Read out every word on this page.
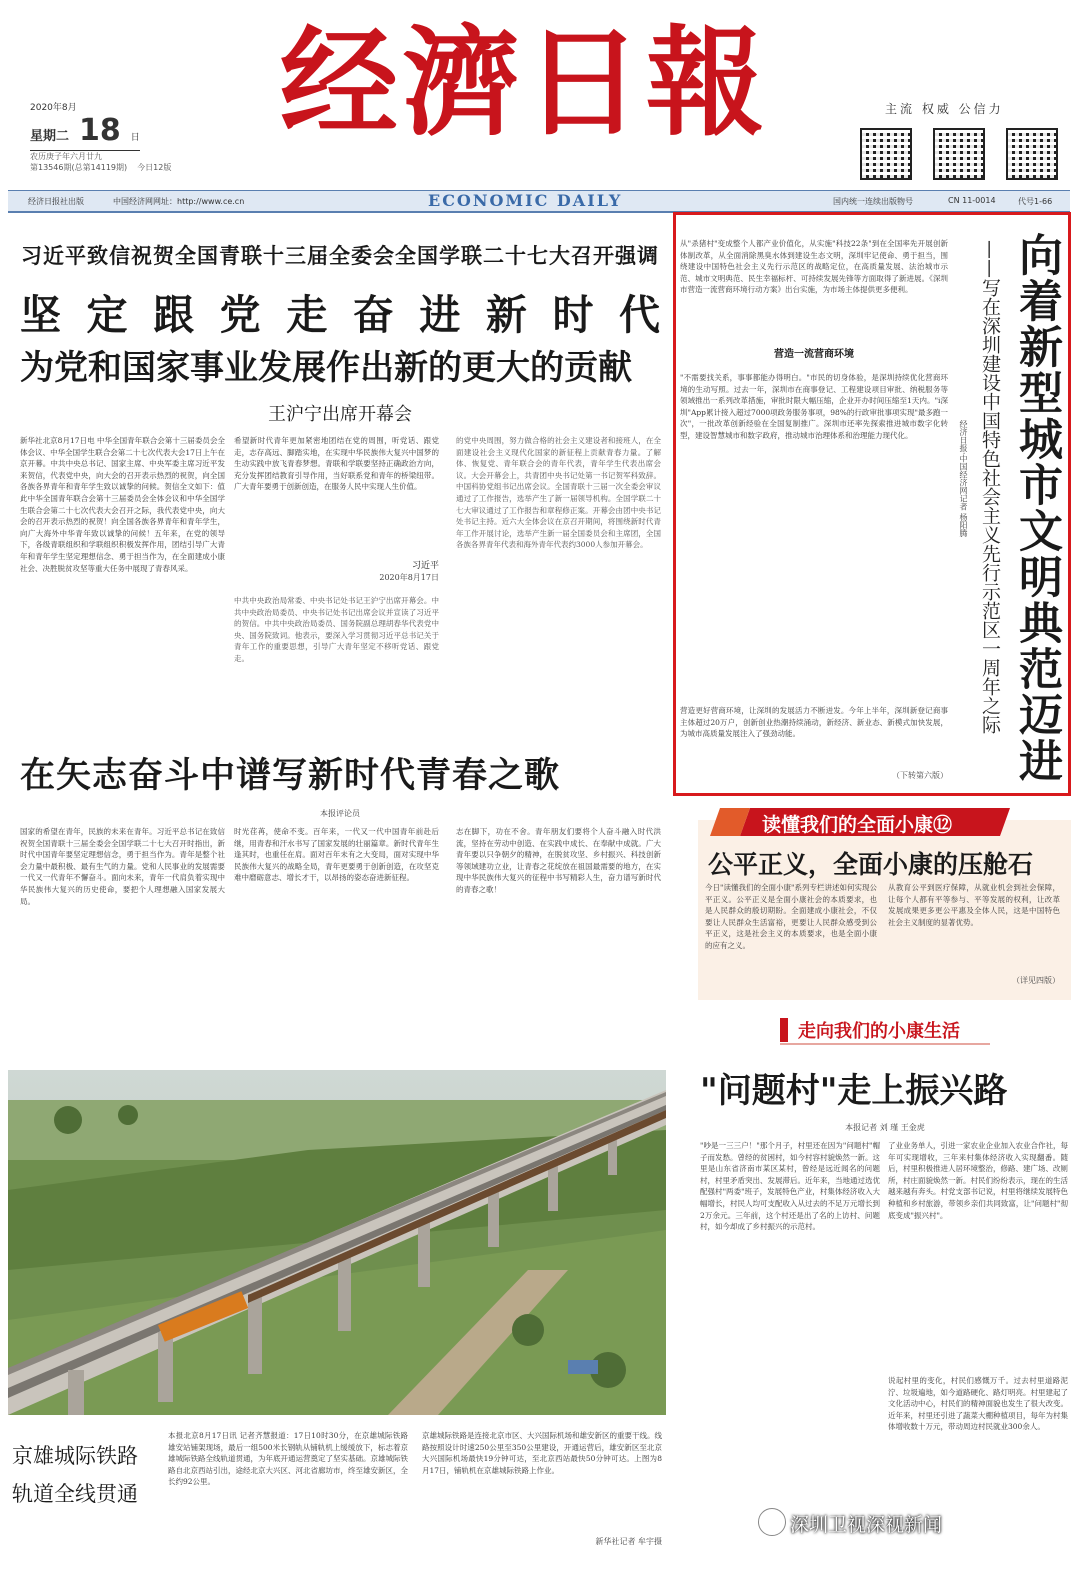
经濟日報
2020年8月
星期二 18 日
农历庚子年六月廿九
第13546期(总第14119期) 今日12版
主流 权威 公信力
经济日报社出版	中国经济网网址：http://www.ce.cn	ECONOMIC DAILY	国内统一连续出版物号	CN 11-0014	代号1-66
习近平致信祝贺全国青联十三届全委会全国学联二十七大召开强调
坚 定 跟 党 走 奋 进 新 时 代
为党和国家事业发展作出新的更大的贡献
王沪宁出席开幕会
新华社北京8月17日电 中华全国青年联合会第十三届委员会全体会议、中华全国学生联合会第二十七次代表大会17日上午在京开幕。中共中央总书记、国家主席、中央军委主席习近平发来贺信，代表党中央，向大会的召开表示热烈的祝贺，向全国各族各界青年和青年学生致以诚挚的问候。贺信全文如下：值此中华全国青年联合会第十三届委员会全体会议和中华全国学生联合会第二十七次代表大会召开之际，我代表党中央，向大会的召开表示热烈的祝贺！向全国各族各界青年和青年学生，向广大海外中华青年致以诚挚的问候！五年来，在党的领导下，各级青联组织和学联组织积极发挥作用，团结引导广大青年和青年学生坚定理想信念、勇于担当作为，在全面建成小康社会、决胜脱贫攻坚等重大任务中展现了青春风采。
希望新时代青年更加紧密地团结在党的周围，听党话、跟党走，志存高远、脚踏实地，在实现中华民族伟大复兴中国梦的生动实践中放飞青春梦想。青联和学联要坚持正确政治方向，充分发挥团结教育引导作用，当好联系党和青年的桥梁纽带。广大青年要勇于创新创造，在服务人民中实现人生价值。
习近平
2020年8月17日
中共中央政治局常委、中央书记处书记王沪宁出席开幕会。中共中央政治局委员、中央书记处书记出席会议并宣读了习近平的贺信。中共中央政治局委员、国务院副总理胡春华代表党中央、国务院致词。他表示，要深入学习贯彻习近平总书记关于青年工作的重要思想，引导广大青年坚定不移听党话、跟党走。
的党中央周围，努力做合格的社会主义建设者和接班人，在全面建设社会主义现代化国家的新征程上贡献青春力量。了解体、恢复党、青年联合会的青年代表，青年学生代表出席会议。大会开幕会上，共青团中央书记处第一书记贺军科致辞。中国科协党组书记出席会议。全国青联十三届一次全委会审议通过了工作报告，选举产生了新一届领导机构。全国学联二十七大审议通过了工作报告和章程修正案。开幕会由团中央书记处书记主持。近六大全体会议在京召开期间，将围绕新时代青年工作开展讨论，选举产生新一届全国委员会和主席团，全国各族各界青年代表和海外青年代表约3000人参加开幕会。
在矢志奋斗中谱写新时代青春之歌
本报评论员
国家的希望在青年，民族的未来在青年。习近平总书记在致信祝贺全国青联十三届全委会全国学联二十七大召开时指出，新时代中国青年要坚定理想信念，勇于担当作为。青年是整个社会力量中最积极、最有生气的力量。党和人民事业的发展需要一代又一代青年不懈奋斗。面向未来，青年一代肩负着实现中华民族伟大复兴的历史使命，要把个人理想融入国家发展大局。
时光荏苒，使命不变。百年来，一代又一代中国青年前赴后继，用青春和汗水书写了国家发展的壮丽篇章。新时代青年生逢其时，也重任在肩。面对百年未有之大变局，面对实现中华民族伟大复兴的战略全局，青年更要勇于创新创造，在攻坚克难中磨砺意志、增长才干，以昂扬的姿态奋进新征程。
志在脚下，功在不舍。青年朋友们要将个人奋斗融入时代洪流，坚持在劳动中创造、在实践中成长、在奉献中成就。广大青年要以只争朝夕的精神，在脱贫攻坚、乡村振兴、科技创新等领域建功立业，让青春之花绽放在祖国最需要的地方，在实现中华民族伟大复兴的征程中书写精彩人生，奋力谱写新时代的青春之歌！
京雄城际铁路
轨道全线贯通
本报北京8月17日讯 记者齐慧报道：17日10时30分，在京雄城际铁路雄安站铺架现场，最后一组500米长钢轨从铺轨机上缓缓放下，标志着京雄城际铁路全线轨道贯通，为年底开通运营奠定了坚实基础。京雄城际铁路自北京西站引出，途经北京大兴区、河北省廊坊市，终至雄安新区，全长约92公里。
京雄城际铁路是连接北京市区、大兴国际机场和雄安新区的重要干线。线路按照设计时速250公里至350公里建设，开通运营后，雄安新区至北京大兴国际机场最快19分钟可达，至北京西站最快50分钟可达。上图为8月17日，铺轨机在京雄城际铁路上作业。
新华社记者 牟宇摄
向着新型城市文明典范迈进
——写在深圳建设中国特色社会主义先行示范区一周年之际
经济日报·中国经济网记者 杨阳腾
从"杀猪村"变成整个人都产业价值化，从实施"科技22条"到在全国率先开展创新体制改革，从全面消除黑臭水体到建设生态文明，深圳牢记使命、勇于担当，围绕建设中国特色社会主义先行示范区的战略定位，在高质量发展、法治城市示范、城市文明典范、民生幸福标杆、可持续发展先锋等方面取得了新进展。《深圳市营造一流营商环境行动方案》出台实施，为市场主体提供更多便利。
营造一流营商环境
"不需要找关系，事事都能办得明白。"市民的切身体验，是深圳持续优化营商环境的生动写照。过去一年，深圳市在商事登记、工程建设项目审批、纳税服务等领域推出一系列改革措施，审批时限大幅压缩，企业开办时间压缩至1天内。"i深圳"App累计接入超过7000项政务服务事项，98%的行政审批事项实现"最多跑一次"，一批改革创新经验在全国复制推广。深圳市还率先探索推进城市数字化转型，建设智慧城市和数字政府，推动城市治理体系和治理能力现代化。
营造更好营商环境，让深圳的发展活力不断迸发。今年上半年，深圳新登记商事主体超过20万户，创新创业热潮持续涌动，新经济、新业态、新模式加快发展，为城市高质量发展注入了强劲动能。
（下转第六版）
读懂我们的全面小康⑫
公平正义，全面小康的压舱石
今日"读懂我们的全面小康"系列专栏讲述如何实现公平正义。公平正义是全面小康社会的本质要求，也是人民群众的殷切期盼。全面建成小康社会，不仅要让人民群众生活富裕，更要让人民群众感受到公平正义，这是社会主义的本质要求，也是全面小康的应有之义。
从教育公平到医疗保障，从就业机会到社会保障，让每个人都有平等参与、平等发展的权利，让改革发展成果更多更公平惠及全体人民，这是中国特色社会主义制度的显著优势。
（详见四版）
走向我们的小康生活
"问题村"走上振兴路
本报记者 刘 瑾 王金虎
"吵是一三三户！"那个月子，村里还在因为"问题村"帽子而发愁。曾经的贫困村，如今村容村貌焕然一新。这里是山东省济南市某区某村，曾经是远近闻名的问题村，村里矛盾突出、发展滞后。近年来，当地通过选优配强村"两委"班子，发展特色产业，村集体经济收入大幅增长，村民人均可支配收入从过去的不足万元增长到2万余元。三年前，这个村还是出了名的上访村、问题村，如今却成了乡村振兴的示范村。
了业业务单人，引进一家农业企业加入农业合作社，每年可实现增收，三年来村集体经济收入实现翻番。随后，村里积极推进人居环境整治，修路、建广场、改厕所，村庄面貌焕然一新。村民们纷纷表示，现在的生活越来越有奔头。村党支部书记说，村里将继续发展特色种植和乡村旅游，带领乡亲们共同致富，让"问题村"彻底变成"振兴村"。
说起村里的变化，村民们感慨万千。过去村里道路泥泞、垃圾遍地，如今道路硬化、路灯明亮。村里建起了文化活动中心，村民们的精神面貌也发生了很大改变。近年来，村里还引进了蔬菜大棚种植项目，每年为村集体增收数十万元，带动周边村民就业300余人。
深圳卫视深视新闻
